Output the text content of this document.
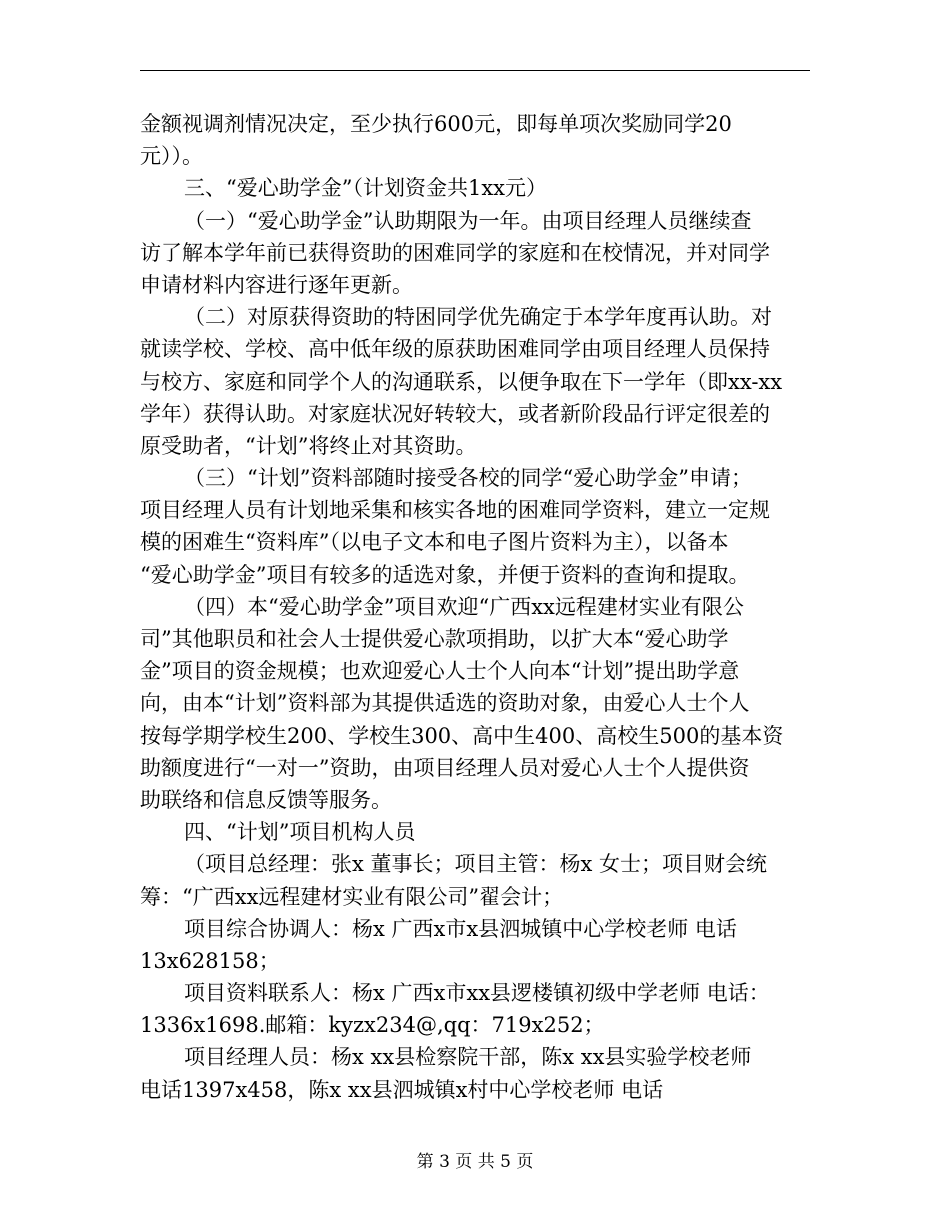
金额视调剂情况决定，至少执行600元，即每单项次奖励同学20
元））。
三、“爱心助学金”（计划资金共1xx元）
（一）“爱心助学金”认助期限为一年。由项目经理人员继续查
访了解本学年前已获得资助的困难同学的家庭和在校情况，并对同学
申请材料内容进行逐年更新。
（二）对原获得资助的特困同学优先确定于本学年度再认助。对
就读学校、学校、高中低年级的原获助困难同学由项目经理人员保持
与校方、家庭和同学个人的沟通联系，以便争取在下一学年（即xx-xx
学年）获得认助。对家庭状况好转较大，或者新阶段品行评定很差的
原受助者，“计划”将终止对其资助。
（三）“计划”资料部随时接受各校的同学“爱心助学金”申请；
项目经理人员有计划地采集和核实各地的困难同学资料，建立一定规
模的困难生“资料库”（以电子文本和电子图片资料为主），以备本
“爱心助学金”项目有较多的适选对象，并便于资料的查询和提取。
（四）本“爱心助学金”项目欢迎“广西xx远程建材实业有限公
司”其他职员和社会人士提供爱心款项捐助，以扩大本“爱心助学
金”项目的资金规模；也欢迎爱心人士个人向本“计划”提出助学意
向，由本“计划”资料部为其提供适选的资助对象，由爱心人士个人
按每学期学校生200、学校生300、高中生400、高校生500的基本资
助额度进行“一对一”资助，由项目经理人员对爱心人士个人提供资
助联络和信息反馈等服务。
四、“计划”项目机构人员
（项目总经理：张x 董事长；项目主管：杨x 女士；项目财会统
筹：“广西xx远程建材实业有限公司”翟会计；
项目综合协调人：杨x 广西x市x县泗城镇中心学校老师 电话
13x628158；
项目资料联系人：杨x 广西x市xx县逻楼镇初级中学老师 电话：
1336x1698.邮箱：kyzx234@,qq：719x252；
项目经理人员：杨x xx县检察院干部，陈x xx县实验学校老师
电话1397x458，陈x xx县泗城镇x村中心学校老师 电话
第 3 页 共 5 页
